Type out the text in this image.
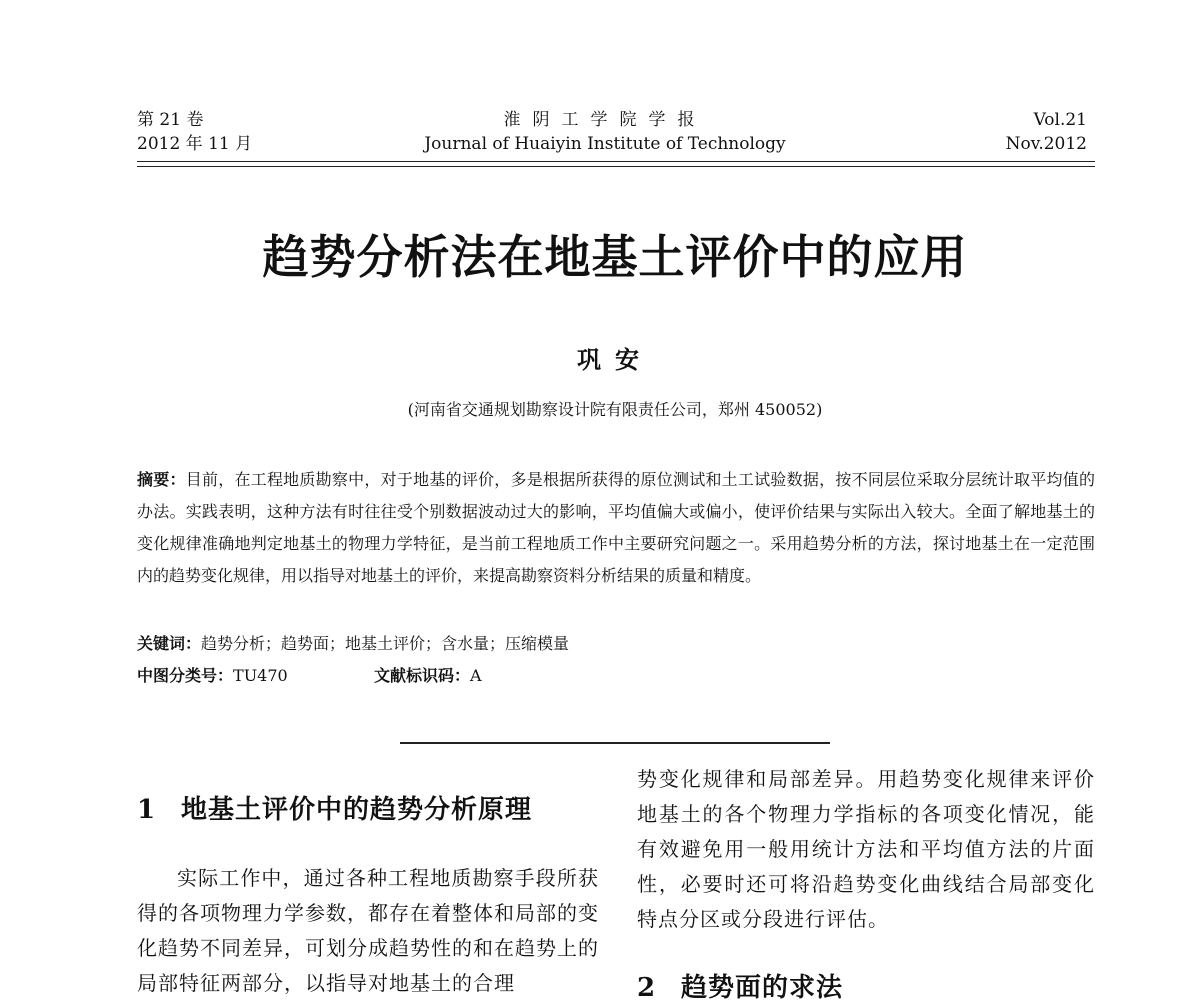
第 21 卷
2012 年 11 月
淮阴工学院学报
Journal of Huaiyin Institute of Technology
Vol.21
Nov.2012
趋势分析法在地基土评价中的应用
巩安
(河南省交通规划勘察设计院有限责任公司，郑州 450052)
摘要：目前，在工程地质勘察中，对于地基的评价，多是根据所获得的原位测试和土工试验数据，按不同层位采取分层统计取平均值的办法。实践表明，这种方法有时往往受个别数据波动过大的影响，平均值偏大或偏小，使评价结果与实际出入较大。全面了解地基土的变化规律准确地判定地基土的物理力学特征，是当前工程地质工作中主要研究问题之一。采用趋势分析的方法，探讨地基土在一定范围内的趋势变化规律，用以指导对地基土的评价，来提高勘察资料分析结果的质量和精度。
关键词：趋势分析；趋势面；地基土评价；含水量；压缩模量
中图分类号：TU470	文献标识码：A
1 地基土评价中的趋势分析原理
实际工作中，通过各种工程地质勘察手段所获得的各项物理力学参数，都存在着整体和局部的变化趋势不同差异，可划分成趋势性的和在趋势上的局部特征两部分，以指导对地基土的合理
势变化规律和局部差异。用趋势变化规律来评价地基土的各个物理力学指标的各项变化情况，能有效避免用一般用统计方法和平均值方法的片面性，必要时还可将沿趋势变化曲线结合局部变化特点分区或分段进行评估。
2 趋势面的求法
